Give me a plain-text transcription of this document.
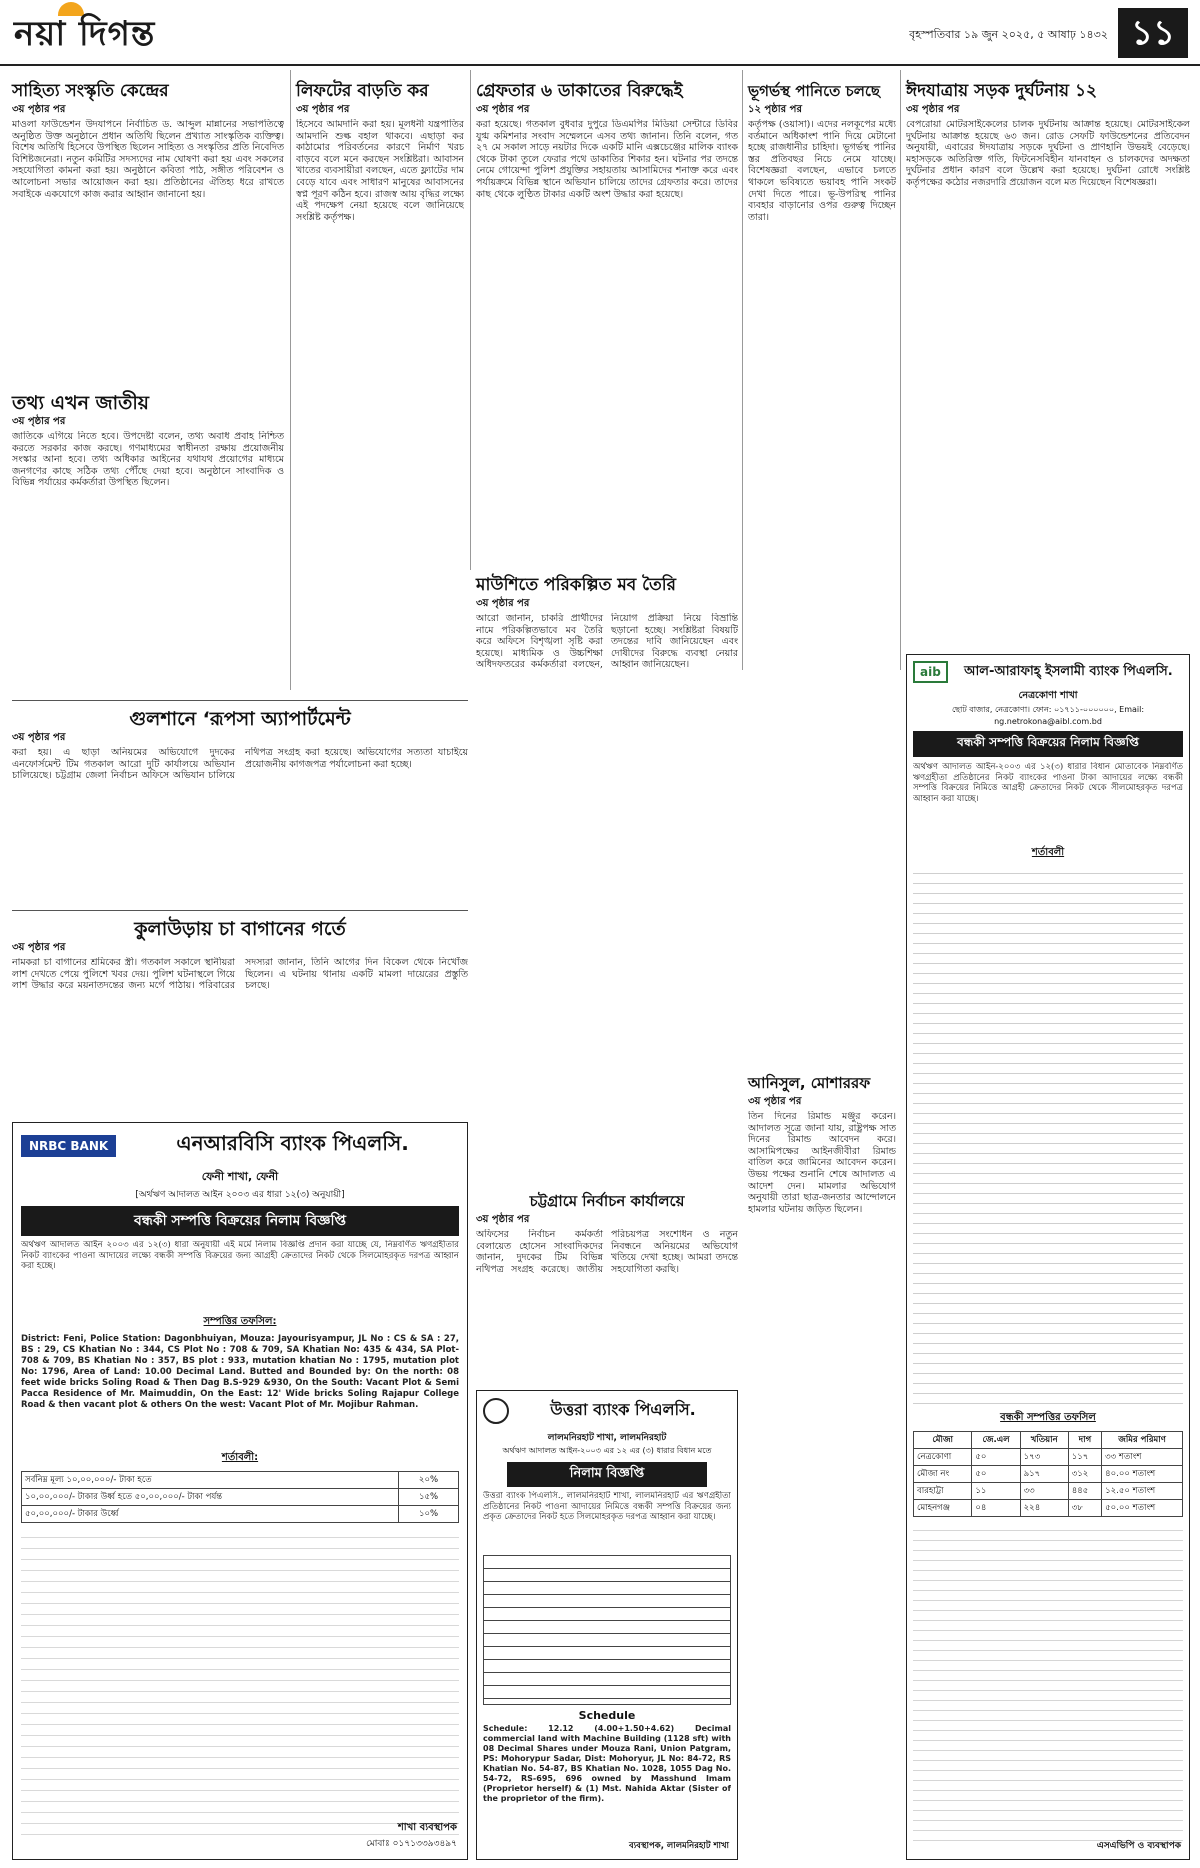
নয়া দিগন্ত	বৃহস্পতিবার ১৯ জুন ২০২৫, ৫ আষাঢ় ১৪৩২ ১১
সাহিত্য সংস্কৃতি কেন্দ্রের
৩য় পৃষ্ঠার পর
মাওলা ফাউন্ডেশন উদযাপনে নির্বাচিত ড. আব্দুল মান্নানের সভাপতিত্বে অনুষ্ঠিত উক্ত অনুষ্ঠানে প্রধান অতিথি ছিলেন প্রখ্যাত সাংস্কৃতিক ব্যক্তিত্ব। বিশেষ অতিথি হিসেবে উপস্থিত ছিলেন সাহিত্য ও সংস্কৃতির প্রতি নিবেদিত বিশিষ্টজনেরা। নতুন কমিটির সদস্যদের নাম ঘোষণা করা হয় এবং সকলের সহযোগিতা কামনা করা হয়। অনুষ্ঠানে কবিতা পাঠ, সঙ্গীত পরিবেশন ও আলোচনা সভার আয়োজন করা হয়। প্রতিষ্ঠানের ঐতিহ্য ধরে রাখতে সবাইকে একযোগে কাজ করার আহ্বান জানানো হয়।
তথ্য এখন জাতীয়
৩য় পৃষ্ঠার পর
জাতিকে এগিয়ে নিতে হবে। উপদেষ্টা বলেন, তথ্য অবাধ প্রবাহ নিশ্চিত করতে সরকার কাজ করছে। গণমাধ্যমের স্বাধীনতা রক্ষায় প্রয়োজনীয় সংস্কার আনা হবে। তথ্য অধিকার আইনের যথাযথ প্রয়োগের মাধ্যমে জনগণের কাছে সঠিক তথ্য পৌঁছে দেয়া হবে। অনুষ্ঠানে সাংবাদিক ও বিভিন্ন পর্যায়ের কর্মকর্তারা উপস্থিত ছিলেন।
লিফটের বাড়তি কর
৩য় পৃষ্ঠার পর
হিসেবে আমদানি করা হয়। মূলধনী যন্ত্রপাতির আমদানি শুল্ক বহাল থাকবে। এছাড়া কর কাঠামোর পরিবর্তনের কারণে নির্মাণ খরচ বাড়বে বলে মনে করছেন সংশ্লিষ্টরা। আবাসন খাতের ব্যবসায়ীরা বলছেন, এতে ফ্ল্যাটের দাম বেড়ে যাবে এবং সাধারণ মানুষের আবাসনের স্বপ্ন পূরণ কঠিন হবে। রাজস্ব আয় বৃদ্ধির লক্ষ্যে এই পদক্ষেপ নেয়া হয়েছে বলে জানিয়েছে সংশ্লিষ্ট কর্তৃপক্ষ।
গ্রেফতার ৬ ডাকাতের বিরুদ্ধেই
৩য় পৃষ্ঠার পর
করা হয়েছে। গতকাল বুধবার দুপুরে ডিএমপির মিডিয়া সেন্টারে ডিবির যুগ্ম কমিশনার সংবাদ সম্মেলনে এসব তথ্য জানান। তিনি বলেন, গত ২৭ মে সকাল সাড়ে নয়টার দিকে একটি মানি এক্সচেঞ্জের মালিক ব্যাংক থেকে টাকা তুলে ফেরার পথে ডাকাতির শিকার হন। ঘটনার পর তদন্তে নেমে গোয়েন্দা পুলিশ প্রযুক্তির সহায়তায় আসামিদের শনাক্ত করে এবং পর্যায়ক্রমে বিভিন্ন স্থানে অভিযান চালিয়ে তাদের গ্রেফতার করে। তাদের কাছ থেকে লুণ্ঠিত টাকার একটি অংশ উদ্ধার করা হয়েছে।
মাউশিতে পরিকল্পিত মব তৈরি
৩য় পৃষ্ঠার পর
আরো জানান, চাকরি প্রার্থীদের নামে পরিকল্পিতভাবে মব তৈরি করে অফিসে বিশৃঙ্খলা সৃষ্টি করা হয়েছে। মাধ্যমিক ও উচ্চশিক্ষা অধিদফতরের কর্মকর্তারা বলছেন, নিয়োগ প্রক্রিয়া নিয়ে বিভ্রান্তি ছড়ানো হচ্ছে। সংশ্লিষ্টরা বিষয়টি তদন্তের দাবি জানিয়েছেন এবং দোষীদের বিরুদ্ধে ব্যবস্থা নেয়ার আহ্বান জানিয়েছেন।
ভূগর্ভস্থ পানিতে চলছে
১২ পৃষ্ঠার পর
কর্তৃপক্ষ (ওয়াসা)। এদের নলকূপের মধ্যে বর্তমানে অধিকাংশ পানি দিয়ে মেটানো হচ্ছে রাজধানীর চাহিদা। ভূগর্ভস্থ পানির স্তর প্রতিবছর নিচে নেমে যাচ্ছে। বিশেষজ্ঞরা বলছেন, এভাবে চলতে থাকলে ভবিষ্যতে ভয়াবহ পানি সংকট দেখা দিতে পারে। ভূ-উপরিস্থ পানির ব্যবহার বাড়ানোর ওপর গুরুত্ব দিচ্ছেন তারা।
ঈদযাত্রায় সড়ক দুর্ঘটনায় ১২
৩য় পৃষ্ঠার পর
বেপরোয়া মোটরসাইকেলের চালক দুর্ঘটনায় আক্রান্ত হয়েছে। মোটরসাইকেল দুর্ঘটনায় আক্রান্ত হয়েছে ৬৩ জন। রোড সেফটি ফাউন্ডেশনের প্রতিবেদন অনুযায়ী, এবারের ঈদযাত্রায় সড়কে দুর্ঘটনা ও প্রাণহানি উভয়ই বেড়েছে। মহাসড়কে অতিরিক্ত গতি, ফিটনেসবিহীন যানবাহন ও চালকদের অদক্ষতা দুর্ঘটনার প্রধান কারণ বলে উল্লেখ করা হয়েছে। দুর্ঘটনা রোধে সংশ্লিষ্ট কর্তৃপক্ষের কঠোর নজরদারি প্রয়োজন বলে মত দিয়েছেন বিশেষজ্ঞরা।
গুলশানে ‘রূপসা অ্যাপার্টমেন্ট
৩য় পৃষ্ঠার পর
করা হয়। এ ছাড়া অনিয়মের অভিযোগে দুদকের এনফোর্সমেন্ট টিম গতকাল আরো দুটি কার্যালয়ে অভিযান চালিয়েছে। চট্টগ্রাম জেলা নির্বাচন অফিসে অভিযান চালিয়ে নথিপত্র সংগ্রহ করা হয়েছে। অভিযোগের সত্যতা যাচাইয়ে প্রয়োজনীয় কাগজপত্র পর্যালোচনা করা হচ্ছে।
কুলাউড়ায় চা বাগানের গর্তে
৩য় পৃষ্ঠার পর
নামকরা চা বাগানের শ্রমিকের স্ত্রী। গতকাল সকালে স্থানীয়রা লাশ দেখতে পেয়ে পুলিশে খবর দেয়। পুলিশ ঘটনাস্থলে গিয়ে লাশ উদ্ধার করে ময়নাতদন্তের জন্য মর্গে পাঠায়। পরিবারের সদস্যরা জানান, তিনি আগের দিন বিকেল থেকে নিখোঁজ ছিলেন। এ ঘটনায় থানায় একটি মামলা দায়েরের প্রস্তুতি চলছে।
আনিসুল, মোশাররফ
৩য় পৃষ্ঠার পর
তিন দিনের রিমান্ড মঞ্জুর করেন। আদালত সূত্রে জানা যায়, রাষ্ট্রপক্ষ সাত দিনের রিমান্ড আবেদন করে। আসামিপক্ষের আইনজীবীরা রিমান্ড বাতিল করে জামিনের আবেদন করেন। উভয় পক্ষের শুনানি শেষে আদালত এ আদেশ দেন। মামলার অভিযোগ অনুযায়ী তারা ছাত্র-জনতার আন্দোলনে হামলার ঘটনায় জড়িত ছিলেন।
চট্টগ্রামে নির্বাচন কার্যালয়ে
৩য় পৃষ্ঠার পর
অফিসের নির্বাচন কর্মকর্তা বেলায়েত হোসেন সাংবাদিকদের জানান, দুদকের টিম বিভিন্ন নথিপত্র সংগ্রহ করেছে। জাতীয় পরিচয়পত্র সংশোধন ও নতুন নিবন্ধনে অনিয়মের অভিযোগ খতিয়ে দেখা হচ্ছে। আমরা তদন্তে সহযোগিতা করছি।
NRBC BANK	এনআরবিসি ব্যাংক পিএলসি.
ফেনী শাখা, ফেনী
[অর্থঋণ আদালত আইন ২০০৩ এর ধারা ১২(৩) অনুযায়ী]
বন্ধকী সম্পত্তি বিক্রয়ের নিলাম বিজ্ঞপ্তি
অর্থঋণ আদালত আইন ২০০৩ এর ১২(৩) ধারা অনুযায়ী এই মর্মে নিলাম বিজ্ঞপ্তি প্রদান করা যাচ্ছে যে, নিম্নবর্ণিত ঋণগ্রহীতার নিকট ব্যাংকের পাওনা আদায়ের লক্ষ্যে বন্ধকী সম্পত্তি বিক্রয়ের জন্য আগ্রহী ক্রেতাদের নিকট থেকে সিলমোহরকৃত দরপত্র আহ্বান করা হচ্ছে।
সম্পত্তির তফসিল:
District: Feni, Police Station: Dagonbhuiyan, Mouza: Jayourisyampur, JL No : CS & SA : 27, BS : 29, CS Khatian No : 344, CS Plot No : 708 & 709, SA Khatian No: 435 & 434, SA Plot-708 & 709, BS Khatian No : 357, BS plot : 933, mutation khatian No : 1795, mutation plot No: 1796, Area of Land: 10.00 Decimal Land. Butted and Bounded by: On the north: 08 feet wide bricks Soling Road & Then Dag B.S-929 &930, On the South: Vacant Plot & Semi Pacca Residence of Mr. Maimuddin, On the East: 12' Wide bricks Soling Rajapur College Road & then vacant plot & others On the west: Vacant Plot of Mr. Mojibur Rahman.
শর্তাবলী:
সর্বনিম্ন মূল্য ১০,০০,০০০/- টাকা হতে	২০%
১০,০০,০০০/- টাকার উর্ধ্ব হতে ৫০,০০,০০০/- টাকা পর্যন্ত	১৫%
৫০,০০,০০০/- টাকার উর্ধ্বে	১০%
শাখা ব্যবস্থাপক
মোবাঃ ০১৭১৩৩৯৩৪৯৭
উত্তরা ব্যাংক পিএলসি.
লালমনিরহাট শাখা, লালমনিরহাট
অর্থঋণ আদালত আইন-২০০৩ এর ১২ এর (৩) ধারার বিধান মতে
নিলাম বিজ্ঞপ্তি
উত্তরা ব্যাংক পিএলসি., লালমনিরহাট শাখা, লালমনিরহাট এর ঋণগ্রহীতা প্রতিষ্ঠানের নিকট পাওনা আদায়ের নিমিত্তে বন্ধকী সম্পত্তি বিক্রয়ের জন্য প্রকৃত ক্রেতাদের নিকট হতে সিলমোহরকৃত দরপত্র আহ্বান করা যাচ্ছে।
Schedule
Schedule: 12.12 (4.00+1.50+4.62) Decimal commercial land with Machine Building (1128 sft) with 08 Decimal Shares under Mouza Rani, Union Patgram, PS: Mohorypur Sadar, Dist: Mohoryur, JL No: 84-72, RS Khatian No. 54-87, BS Khatian No. 1028, 1055 Dag No. 54-72, RS-695, 696 owned by Masshund Imam (Proprietor herself) & (1) Mst. Nahida Aktar (Sister of the proprietor of the firm).
ব্যবস্থাপক, লালমনিরহাট শাখা
aib	আল-আরাফাহ্ ইসলামী ব্যাংক পিএলসি.
নেত্রকোণা শাখা
ছোট বাজার, নেত্রকোণা। ফোন: ০১৭১১-০০০০০০, Email: ng.netrokona@aibl.com.bd
বন্ধকী সম্পত্তি বিক্রয়ের নিলাম বিজ্ঞপ্তি
অর্থঋণ আদালত আইন-২০০৩ এর ১২(৩) ধারার বিধান মোতাবেক নিম্নবর্ণিত ঋণগ্রহীতা প্রতিষ্ঠানের নিকট ব্যাংকের পাওনা টাকা আদায়ের লক্ষ্যে বন্ধকী সম্পত্তি বিক্রয়ের নিমিত্তে আগ্রহী ক্রেতাদের নিকট থেকে সীলমোহরকৃত দরপত্র আহ্বান করা যাচ্ছে।
শর্তাবলী
বন্ধকী সম্পত্তির তফসিল
মৌজা	জে.এল	খতিয়ান	দাগ	জমির পরিমাণ
নেত্রকোণা	৫০	১৭৩	১১৭	৩৩ শতাংশ
মৌজা নং	৫০	৯১৭	৩১২	৪০.০০ শতাংশ
বারহাট্টা	১১	৩৩	৪৪৫	১২.৫০ শতাংশ
মোহনগঞ্জ	০৪	২২৪	৩৮	৫০.০০ শতাংশ
এসএভিপি ও ব্যবস্থাপক
